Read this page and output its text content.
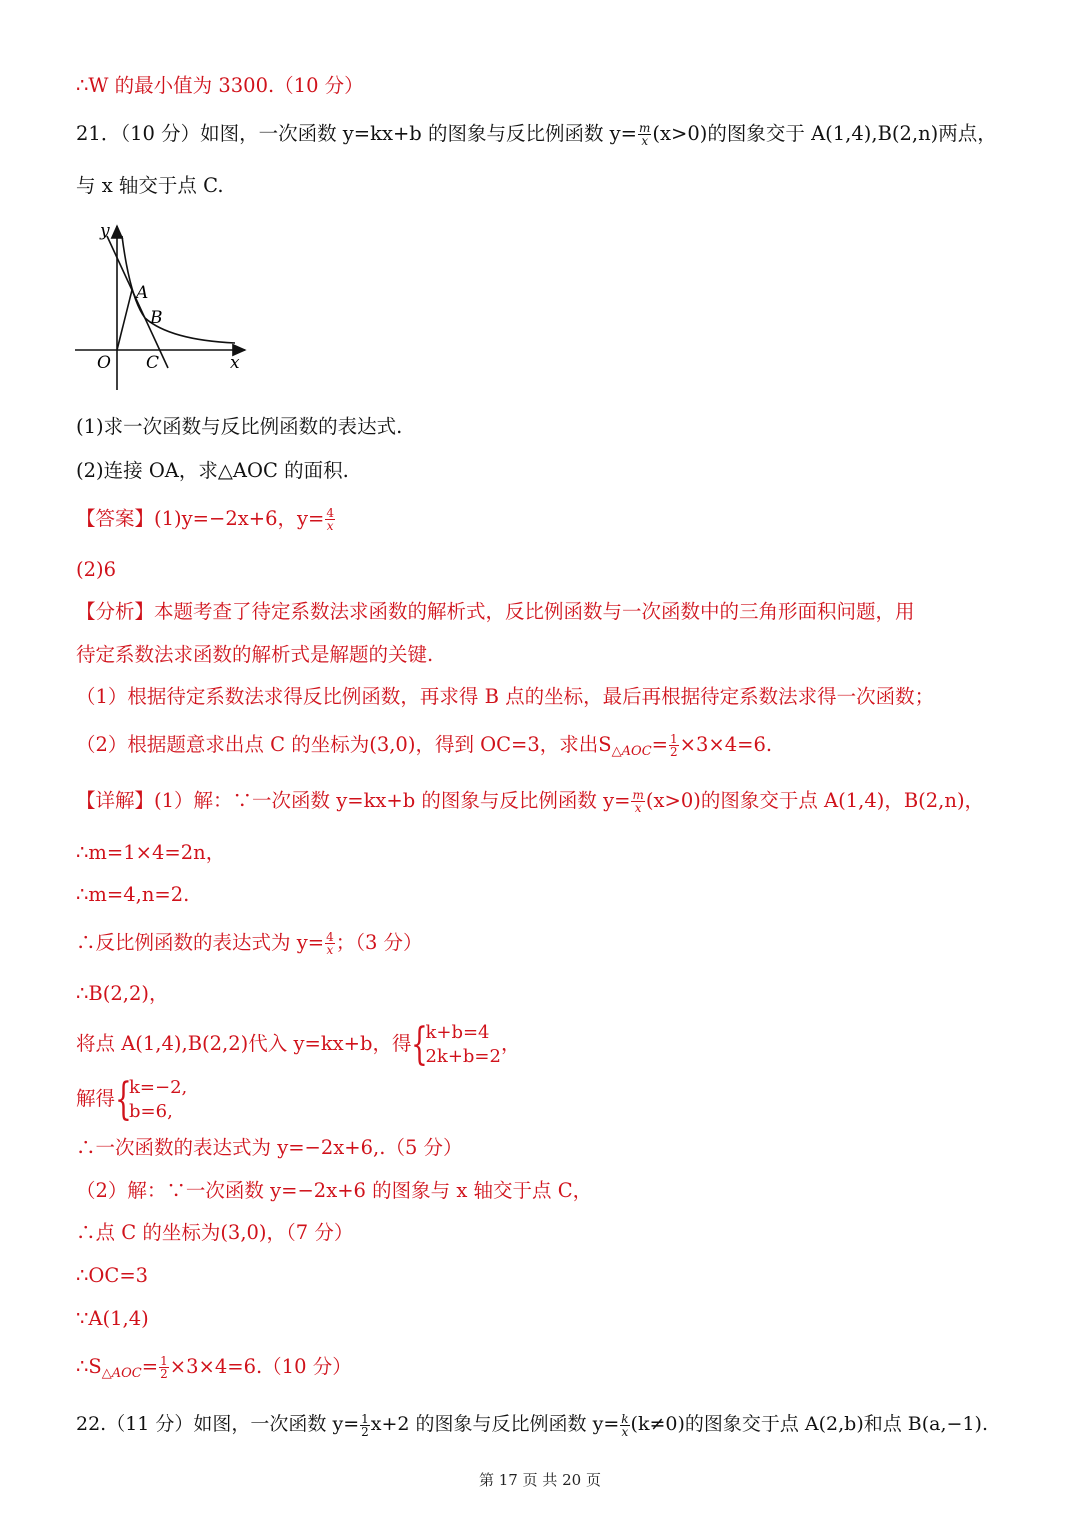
∴W 的最小值为 3300.（10 分）
21．（10 分）如图，一次函数 y=kx+b 的图象与反比例函数 $y= \frac{m}{x} (x>0)$的图象交于 A(1,4),B(2,n)两点，
与 x 轴交于点 C.
y
A
B
O C	x
(1)求一次函数与反比例函数的表达式.
(2)连接 OA，求△AOC 的面积.
【答案】(1)y=−2x+6，$y= \frac{4}{x}$
(2)6
【分析】本题考查了待定系数法求函数的解析式，反比例函数与一次函数中的三角形面积问题，用
待定系数法求函数的解析式是解题的关键.
（1）根据待定系数法求得反比例函数，再求得 B 点的坐标，最后再根据待定系数法求得一次函数；
（2）根据题意求出点 C 的坐标为(3,0)，得到 OC=3，求出$S_{\triangle AOC}= \frac{1}{2} \times 3\times 4=6$.
【详解】(1）解：∵一次函数 y=kx+b 的图象与反比例函数 $y= \frac{m}{x} (x>0)$的图象交于点 A(1,4)，B(2,n)，
∴m=1×4=2n，
∴m=4,n=2.
∴反比例函数的表达式为 $y= \frac{4}{x}$ ；（3 分）
∴B(2,2)，
将点 A(1,4),B(2,2)代入 y=kx+b，得 {
k+b=4
2k+b=2
，
解得 {
k=−2,
b=6,
∴一次函数的表达式为 y=−2x+6,.（5 分）
（2）解：∵一次函数 y=−2x+6 的图象与 x 轴交于点 C，
∴点 C 的坐标为(3,0)，（7 分）
∴OC=3
∵A(1,4)
$\therefore S_{\triangle AOC}= \frac{1}{2} \times 3\times 4=6.(10$ 分）
22.（11 分）如图，一次函数 $y= \frac{1}{2} x+2$ 的图象与反比例函数 $y= \frac{k}{x} (k\ne 0)$的图象交于点 A(2,b)和点 B(a,−1).
第 17 页 共 20 页
